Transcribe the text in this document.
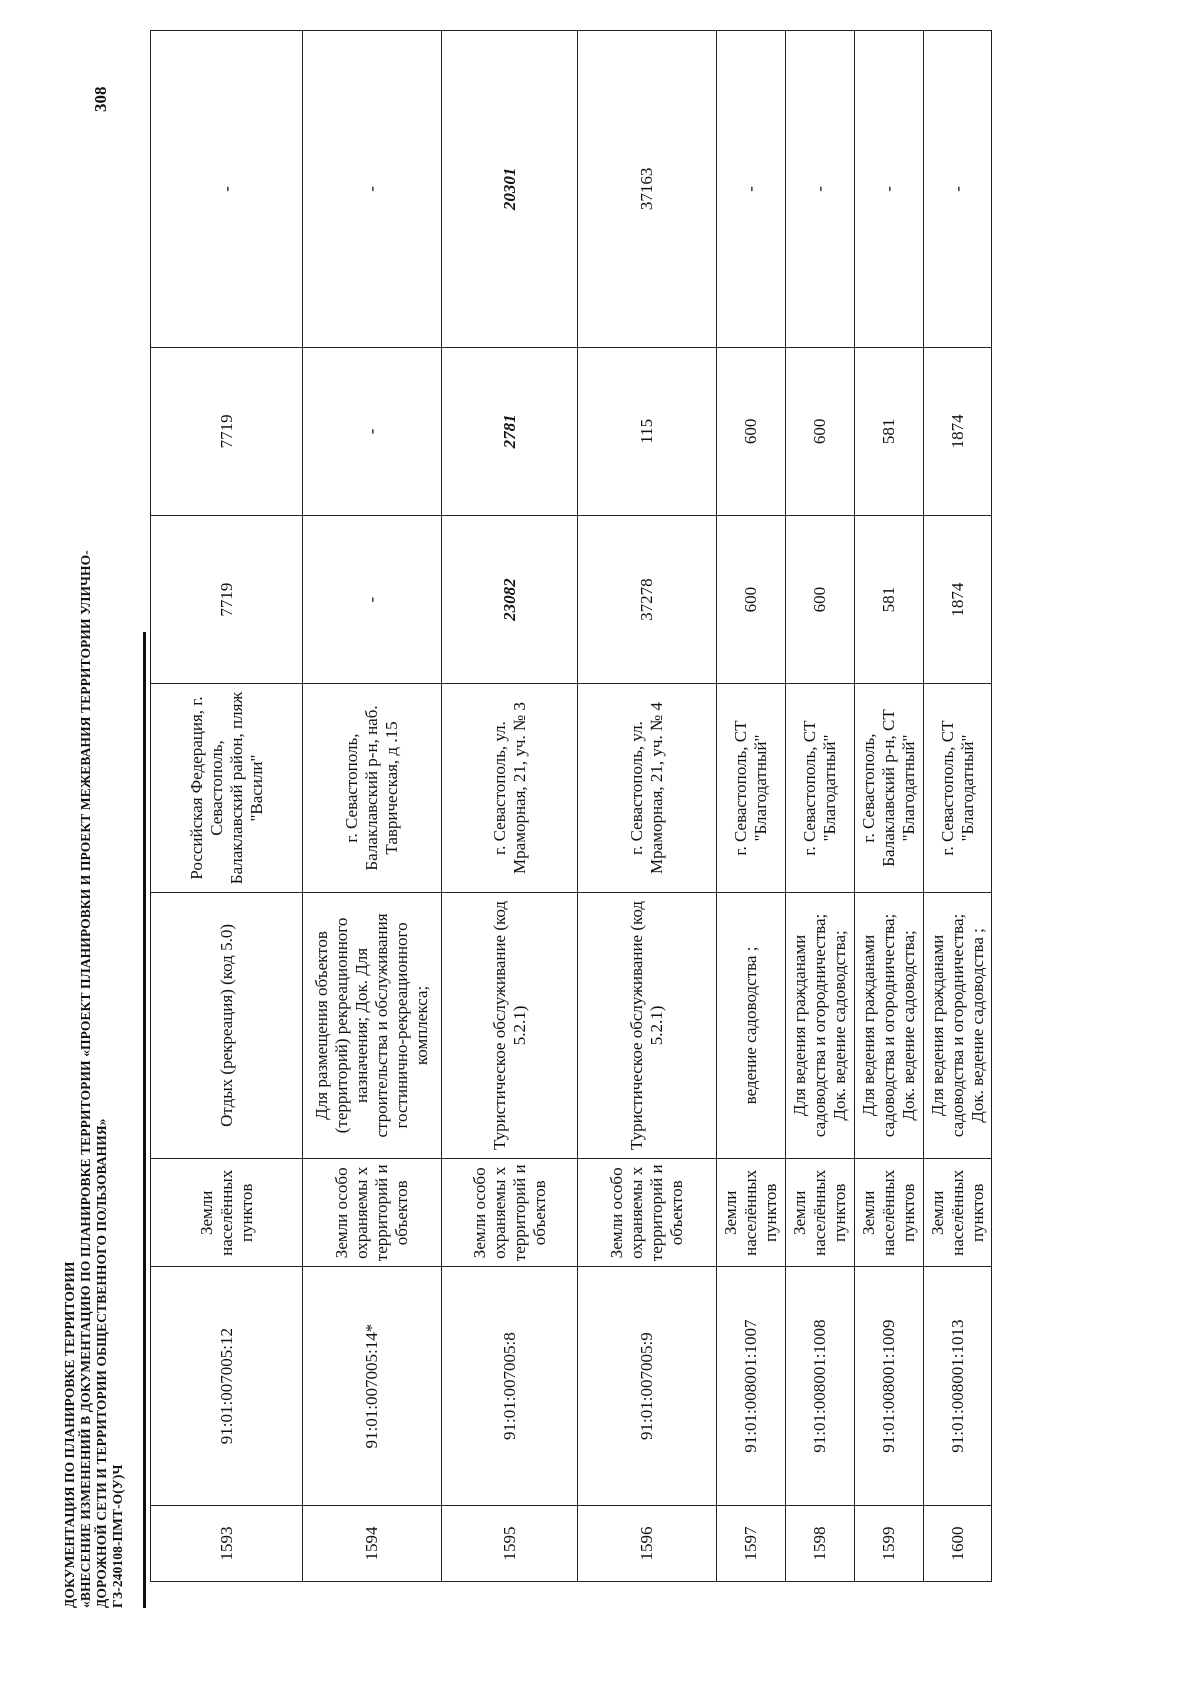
ДОКУМЕНТАЦИЯ ПО ПЛАНИРОВКЕ ТЕРРИТОРИИ «ВНЕСЕНИЕ ИЗМЕНЕНИЙ В ДОКУМЕНТАЦИЮ ПО ПЛАНИРОВКЕ ТЕРРИТОРИИ «ПРОЕКТ ПЛАНИРОВКИ И ПРОЕКТ МЕЖЕВАНИЯ ТЕРРИТОРИИ УЛИЧНО- ДОРОЖНОЙ СЕТИ И ТЕРРИТОРИИ ОБЩЕСТВЕННОГО ПОЛЬЗОВАНИЯ» ГЗ-240108-ПМТ-О(У)Ч
308
1593	91:01:007005:12	Земли населённых пунктов	Отдых (рекреация) (код 5.0)	Российская Федерация, г. Севастополь, Балаклавский район, пляж "Васили"	7719	7719	-
1594	91:01:007005:14*	Земли особо охраняемы х территорий и объектов	Для размещения объектов (территорий) рекреационного назначения; Док. Для строительства и обслуживания гостинично-рекреационного комплекса;	г. Севастополь, Балаклавский р-н, наб. Таврическая, д .15	-	-	-
1595	91:01:007005:8	Земли особо охраняемы х территорий и объектов	Туристическое обслуживание (код 5.2.1)	г. Севастополь, ул. Мраморная, 21, уч. № 3	23082	2781	20301
1596	91:01:007005:9	Земли особо охраняемы х территорий и объектов	Туристическое обслуживание (код 5.2.1)	г. Севастополь, ул. Мраморная, 21, уч. № 4	37278	115	37163
1597	91:01:008001:1007	Земли населённых пунктов	ведение садоводства ;	г. Севастополь, СТ "Благодатный"	600	600	-
1598	91:01:008001:1008	Земли населённых пунктов	Для ведения гражданами садоводства и огородничества; Док. ведение садоводства;	г. Севастополь, СТ "Благодатный"	600	600	-
1599	91:01:008001:1009	Земли населённых пунктов	Для ведения гражданами садоводства и огородничества; Док. ведение садоводства;	г. Севастополь, Балаклавский р-н, СТ "Благодатный"	581	581	-
1600	91:01:008001:1013	Земли населённых пунктов	Для ведения гражданами садоводства и огородничества; Док. ведение садоводства ;	г. Севастополь, СТ "Благодатный"	1874	1874	-
